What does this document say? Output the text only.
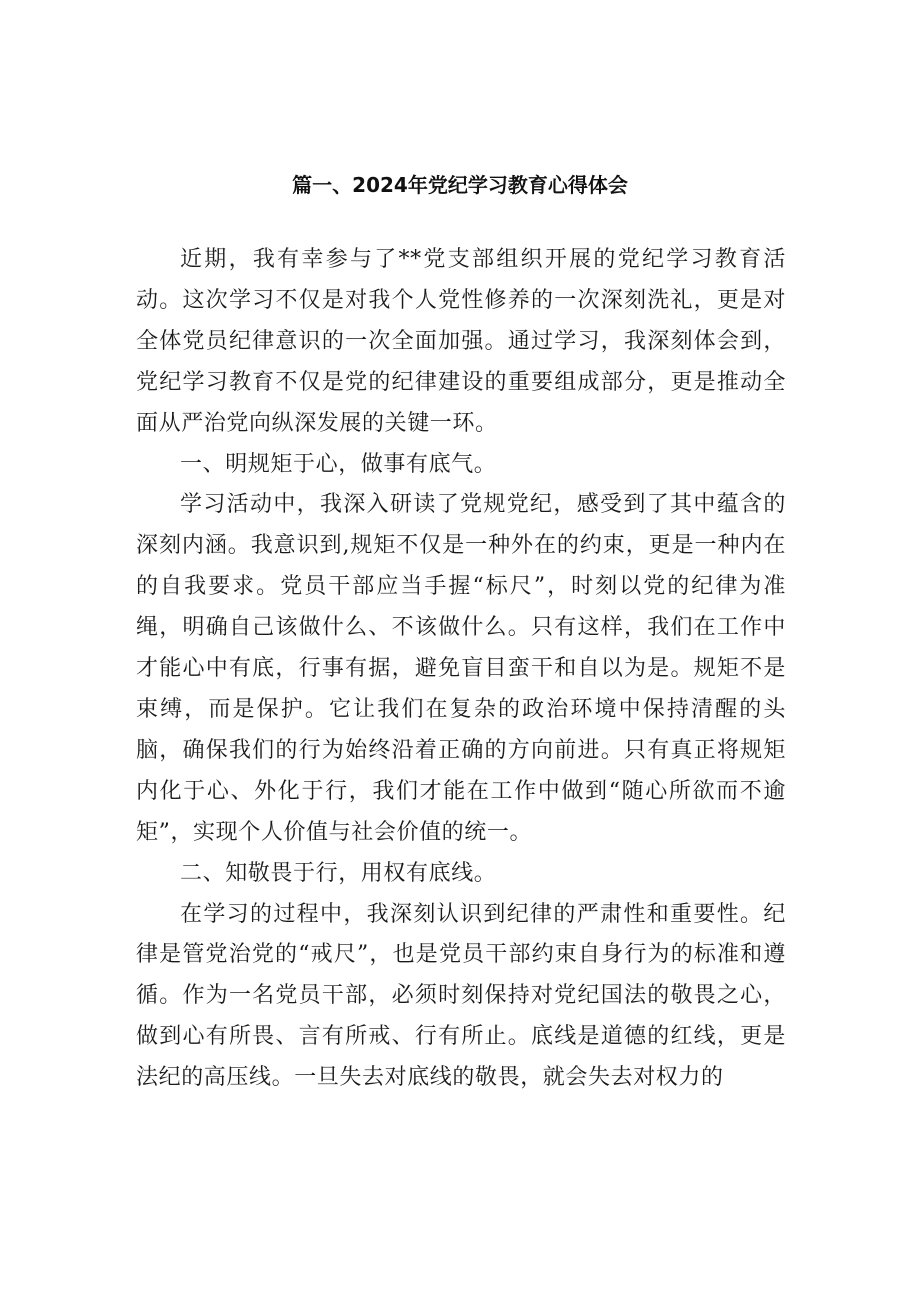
篇一、2024年党纪学习教育心得体会

近期，我有幸参与了**党支部组织开展的党纪学习教育活动。这次学习不仅是对我个人党性修养的一次深刻洗礼，更是对全体党员纪律意识的一次全面加强。通过学习，我深刻体会到，党纪学习教育不仅是党的纪律建设的重要组成部分，更是推动全面从严治党向纵深发展的关键一环。

一、明规矩于心，做事有底气。

学习活动中，我深入研读了党规党纪，感受到了其中蕴含的深刻内涵。我意识到,规矩不仅是一种外在的约束，更是一种内在的自我要求。党员干部应当手握“标尺”，时刻以党的纪律为准绳，明确自己该做什么、不该做什么。只有这样，我们在工作中才能心中有底，行事有据，避免盲目蛮干和自以为是。规矩不是束缚，而是保护。它让我们在复杂的政治环境中保持清醒的头脑，确保我们的行为始终沿着正确的方向前进。只有真正将规矩内化于心、外化于行，我们才能在工作中做到“随心所欲而不逾矩”，实现个人价值与社会价值的统一。

二、知敬畏于行，用权有底线。

在学习的过程中，我深刻认识到纪律的严肃性和重要性。纪律是管党治党的“戒尺”，也是党员干部约束自身行为的标准和遵循。作为一名党员干部，必须时刻保持对党纪国法的敬畏之心，做到心有所畏、言有所戒、行有所止。底线是道德的红线，更是法纪的高压线。一旦失去对底线的敬畏，就会失去对权力的
